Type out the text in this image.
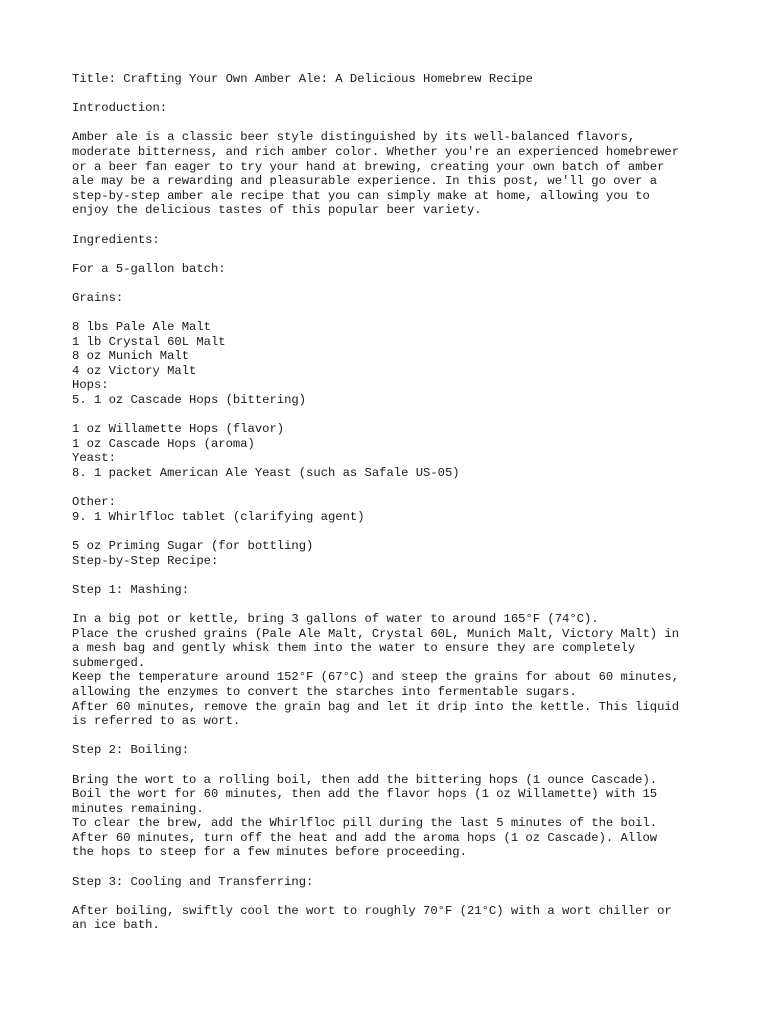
Title: Crafting Your Own Amber Ale: A Delicious Homebrew Recipe
Introduction:
Amber ale is a classic beer style distinguished by its well-balanced flavors,
moderate bitterness, and rich amber color. Whether you're an experienced homebrewer
or a beer fan eager to try your hand at brewing, creating your own batch of amber
ale may be a rewarding and pleasurable experience. In this post, we'll go over a
step-by-step amber ale recipe that you can simply make at home, allowing you to
enjoy the delicious tastes of this popular beer variety.
Ingredients:
For a 5-gallon batch:
Grains:
8 lbs Pale Ale Malt
1 lb Crystal 60L Malt
8 oz Munich Malt
4 oz Victory Malt
Hops:
5. 1 oz Cascade Hops (bittering)
1 oz Willamette Hops (flavor)
1 oz Cascade Hops (aroma)
Yeast:
8. 1 packet American Ale Yeast (such as Safale US-05)
Other:
9. 1 Whirlfloc tablet (clarifying agent)
5 oz Priming Sugar (for bottling)
Step-by-Step Recipe:
Step 1: Mashing:
In a big pot or kettle, bring 3 gallons of water to around 165°F (74°C).
Place the crushed grains (Pale Ale Malt, Crystal 60L, Munich Malt, Victory Malt) in
a mesh bag and gently whisk them into the water to ensure they are completely
submerged.
Keep the temperature around 152°F (67°C) and steep the grains for about 60 minutes,
allowing the enzymes to convert the starches into fermentable sugars.
After 60 minutes, remove the grain bag and let it drip into the kettle. This liquid
is referred to as wort.
Step 2: Boiling:
Bring the wort to a rolling boil, then add the bittering hops (1 ounce Cascade).
Boil the wort for 60 minutes, then add the flavor hops (1 oz Willamette) with 15
minutes remaining.
To clear the brew, add the Whirlfloc pill during the last 5 minutes of the boil.
After 60 minutes, turn off the heat and add the aroma hops (1 oz Cascade). Allow
the hops to steep for a few minutes before proceeding.
Step 3: Cooling and Transferring:
After boiling, swiftly cool the wort to roughly 70°F (21°C) with a wort chiller or
an ice bath.
